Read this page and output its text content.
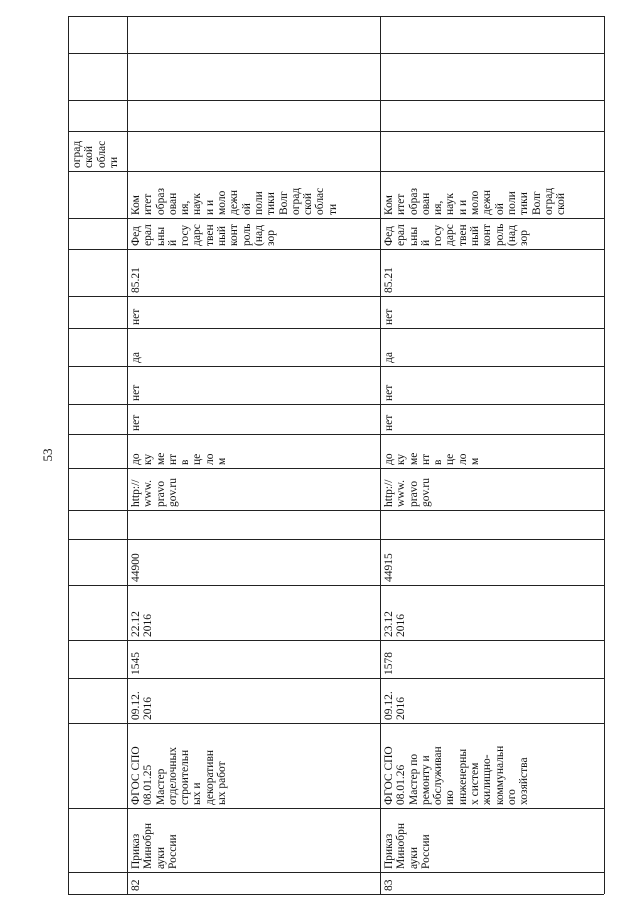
53
82
Приказ Минобрн ауки России
ФГОС СПО 08.01.25 Мастер отделочных строительн ых и декоративн ых работ
09.12. 2016
1545
22.12 2016
44900
http:// www. pravo gov.ru
до ку ме нт в це ло м
нет
нет
да
нет
85.21
Фед ерал ьны й госу дарс твен ный конт роль (над зор
Ком итет образ ован ия, наук и и моло дежн ой пoли тики Волг оград ской облас ти
83
Приказ Минобрн ауки России
ФГОС СПО 08.01.26 Мастер по ремонту и обслуживан ию инженерны х систем жилищно- коммунальн ого хозяйства
09.12. 2016
1578
23.12 2016
44915
http:// www. pravo gov.ru
до ку ме нт в це ло м
нет
нет
да
нет
85.21
Фед ерал ьны й госу дарс твен ный конт роль (над зор
Ком итет образ ован ия, наук и и моло дежн ой пoли тики Волг оград ской
оград ской облас ти
